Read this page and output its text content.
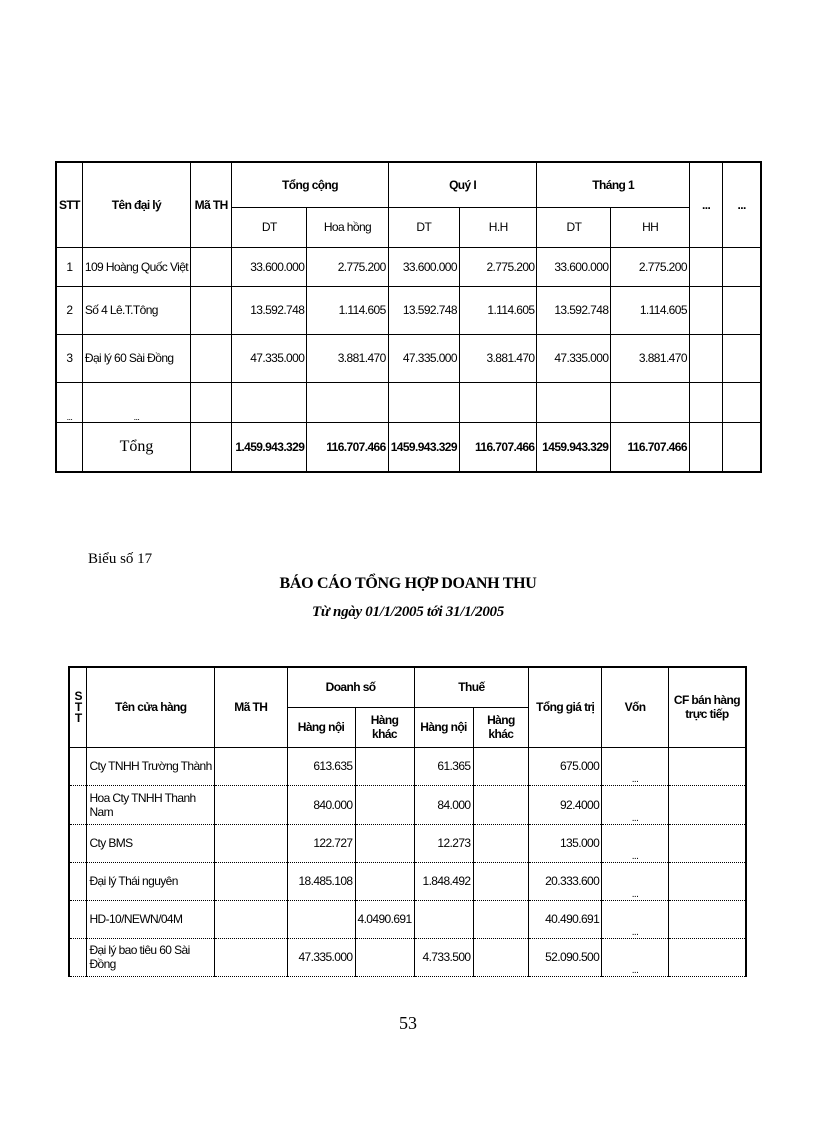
STT	Tên đại lý	Mã TH	Tổng cộng		Quý I		Tháng 1		...	...
			DT	Hoa hồng	DT	H.H	DT	HH		
1	109 Hoàng Quốc Việt		33.600.000	2.775.200	33.600.000	2.775.200	33.600.000	2.775.200		
2	Số 4 Lê.T.Tông		13.592.748	1.114.605	13.592.748	1.114.605	13.592.748	1.114.605		
3	Đại lý 60 Sài Đồng		47.335.000	3.881.470	47.335.000	3.881.470	47.335.000	3.881.470		
...	...									
	Tổng		1.459.943.329	116.707.466	1459.943.329	116.707.466	1459.943.329	116.707.466		
Biểu số 17
BÁO CÁO TỔNG HỢP DOANH THU
Từ ngày 01/1/2005 tới 31/1/2005
S T T	Tên cửa hàng	Mã TH	Doanh số		Thuế		Tổng giá trị	Vốn	CF bán hàng trực tiếp
			Hàng nội	Hàng khác	Hàng nội	Hàng khác			
	Cty TNHH Trường Thành		613.635		61.365		675.000	...	
	Hoa Cty TNHH Thanh Nam		840.000		84.000		92.4000	...	
	Cty BMS		122.727		12.273		135.000	...	
	Đại lý Thái nguyên		18.485.108		1.848.492		20.333.600	...	
	HD-10/NEWN/04M			4.0490.691			40.490.691	...	
	Đại lý bao tiêu 60 Sài Đồng		47.335.000		4.733.500		52.090.500	...	
53
